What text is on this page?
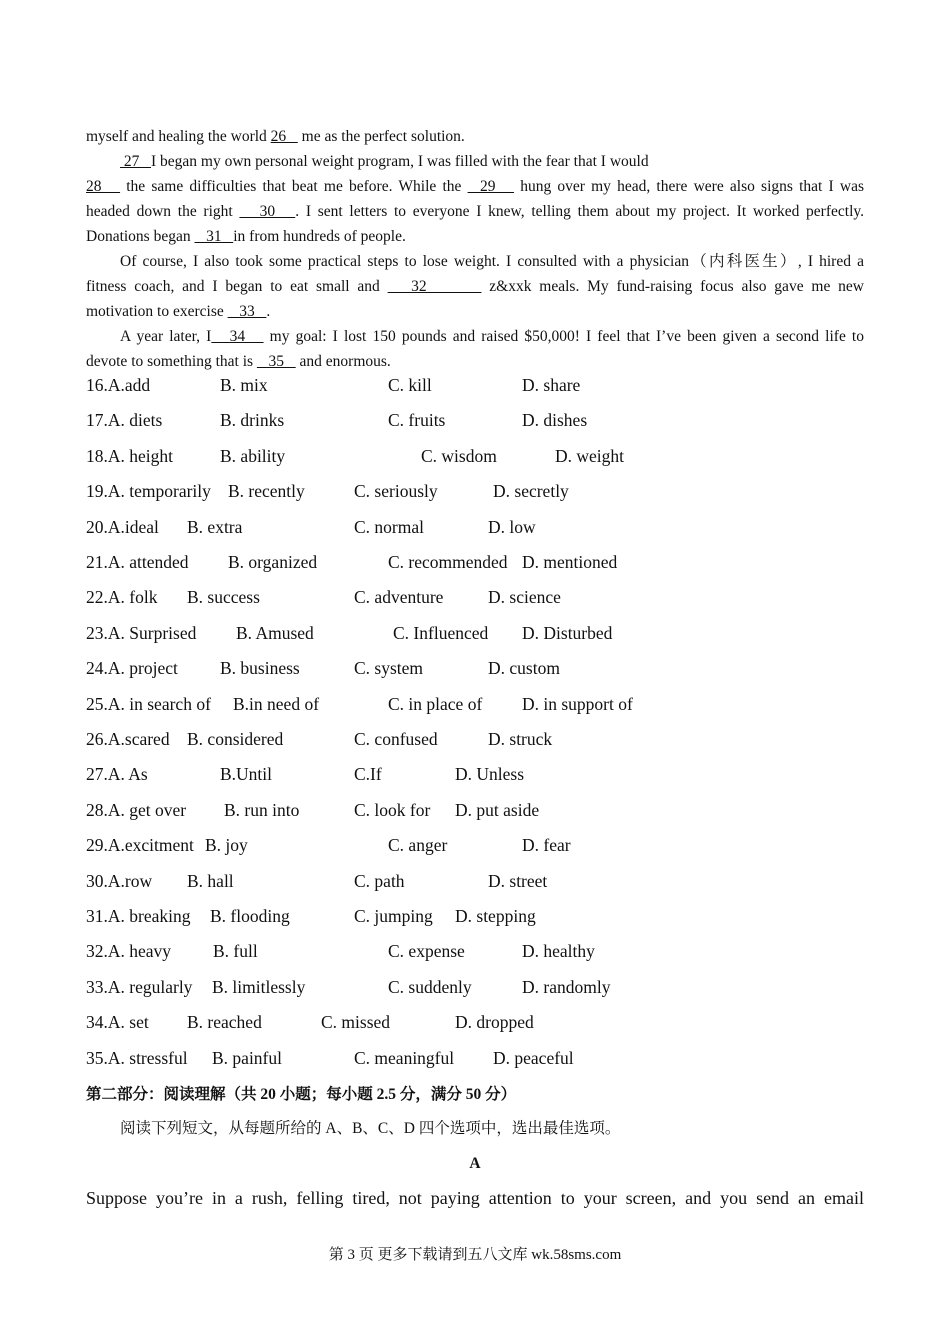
myself and healing the world 26    me as the perfect solution.
27   I began my own personal weight program, I was filled with the fear that I would
28    the same difficulties that beat me before. While the   29    hung over my head, there were also signs that I was
headed down the right    30   . I sent letters to everyone I knew, telling them about my project. It worked perfectly.
Donations began    31   in from hundreds of people.
Of course, I also took some practical steps to lose weight. I consulted with a physician（内科医生）, I hired a
fitness coach, and I began to eat small and    32        z&xxk meals. My fund-raising focus also gave me new
motivation to exercise    33   .
A year later, I   34    my goal: I lost 150 pounds and raised $50,000! I feel that I’ve been given a second life to
devote to something that is    35    and enormous.
16.A.add	B. mix	C. kill	D. share
17.A. diets	B. drinks	C. fruits	D. dishes
18.A. height	B. ability	C. wisdom	D. weight
19.A. temporarily B. recently	C. seriously	D. secretly
20.A.ideal B. extra	C. normal	D. low
21.A. attended B. organized	C. recommended D. mentioned
22.A. folk B. success	C. adventure	D. science
23.A. Surprised B. Amused	C. Influenced D. Disturbed
24.A. project B. business	C. system	D. custom
25.A. in search of B.in need of	C. in place of D. in support of
26.A.scared B. considered	C. confused	D. struck
27.A. As	B.Until	C.If	D. Unless
28.A. get over B. run into	C. look for D. put aside
29.A.excitment B. joy	C. anger	D. fear
30.A.row B. hall	C. path	D. street
31.A. breaking B. flooding	C. jumping D. stepping
32.A. heavy B. full	C. expense	D. healthy
33.A. regularly B. limitlessly	C. suddenly	D. randomly
34.A. set B. reached	C. missed	D. dropped
35.A. stressful B. painful	C. meaningful D. peaceful
第二部分：阅读理解（共 20 小题；每小题 2.5 分，满分 50 分）
阅读下列短文，从每题所给的 A、B、C、D 四个选项中，选出最佳选项。
A
Suppose you’re in a rush, felling tired, not paying attention to your screen, and you send an email
第 3 页 更多下载请到五八文库 wk.58sms.com
